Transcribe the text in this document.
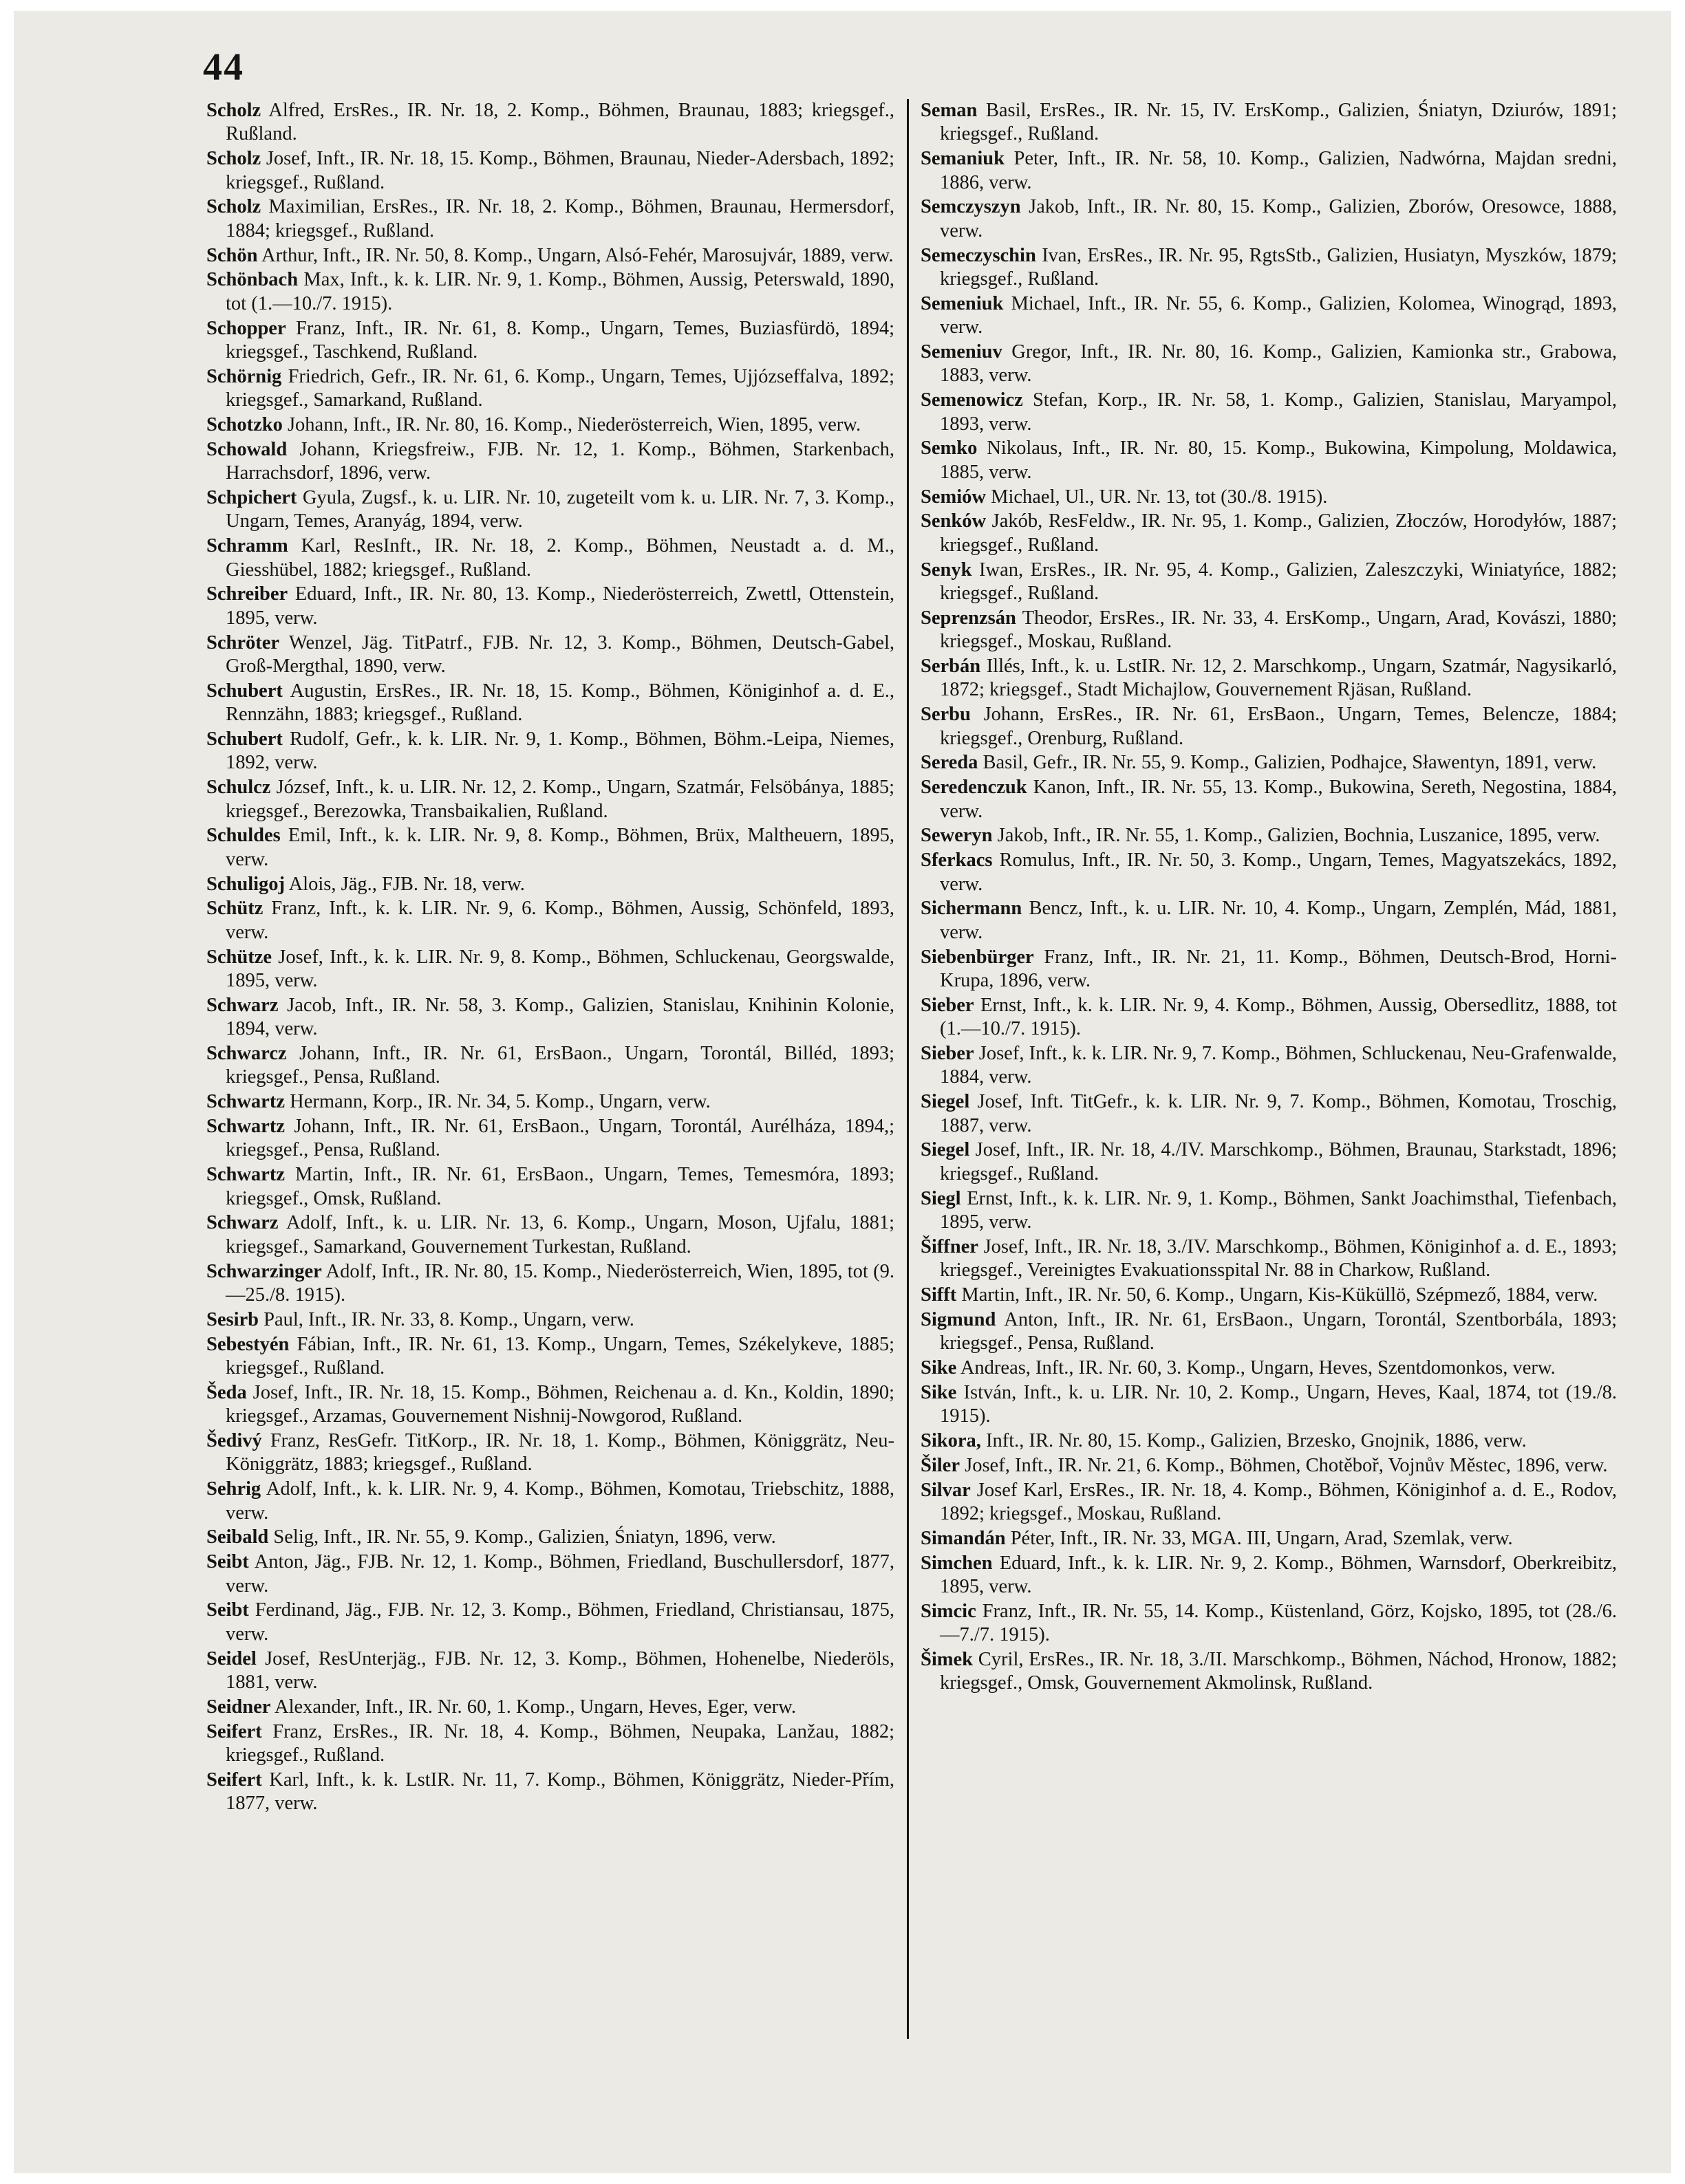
44

Scholz Alfred, ErsRes., IR. Nr. 18, 2. Komp., Böhmen, Braunau, 1883; kriegsgef., Rußland.

Scholz Josef, Inft., IR. Nr. 18, 15. Komp., Böhmen, Braunau, Nieder-Adersbach, 1892; kriegsgef., Rußland.

Scholz Maximilian, ErsRes., IR. Nr. 18, 2. Komp., Böhmen, Braunau, Hermersdorf, 1884; kriegsgef., Rußland.

Schön Arthur, Inft., IR. Nr. 50, 8. Komp., Ungarn, Alsó-Fehér, Marosujvár, 1889, verw.

Schönbach Max, Inft., k. k. LIR. Nr. 9, 1. Komp., Böhmen, Aussig, Peterswald, 1890, tot (1.—10./7. 1915).

Schopper Franz, Inft., IR. Nr. 61, 8. Komp., Ungarn, Temes, Buziasfürdö, 1894; kriegsgef., Taschkend, Rußland.

Schörnig Friedrich, Gefr., IR. Nr. 61, 6. Komp., Ungarn, Temes, Ujjózseffalva, 1892; kriegsgef., Samarkand, Rußland.

Schotzko Johann, Inft., IR. Nr. 80, 16. Komp., Niederösterreich, Wien, 1895, verw.

Schowald Johann, Kriegsfreiw., FJB. Nr. 12, 1. Komp., Böhmen, Starkenbach, Harrachsdorf, 1896, verw.

Schpichert Gyula, Zugsf., k. u. LIR. Nr. 10, zugeteilt vom k. u. LIR. Nr. 7, 3. Komp., Ungarn, Temes, Aranyág, 1894, verw.

Schramm Karl, ResInft., IR. Nr. 18, 2. Komp., Böhmen, Neustadt a. d. M., Giesshübel, 1882; kriegsgef., Rußland.

Schreiber Eduard, Inft., IR. Nr. 80, 13. Komp., Niederösterreich, Zwettl, Ottenstein, 1895, verw.

Schröter Wenzel, Jäg. TitPatrf., FJB. Nr. 12, 3. Komp., Böhmen, Deutsch-Gabel, Groß-Mergthal, 1890, verw.

Schubert Augustin, ErsRes., IR. Nr. 18, 15. Komp., Böhmen, Königinhof a. d. E., Rennzähn, 1883; kriegsgef., Rußland.

Schubert Rudolf, Gefr., k. k. LIR. Nr. 9, 1. Komp., Böhmen, Böhm.-Leipa, Niemes, 1892, verw.

Schulcz József, Inft., k. u. LIR. Nr. 12, 2. Komp., Ungarn, Szatmár, Felsöbánya, 1885; kriegsgef., Berezowka, Transbaikalien, Rußland.

Schuldes Emil, Inft., k. k. LIR. Nr. 9, 8. Komp., Böhmen, Brüx, Maltheuern, 1895, verw.

Schuligoj Alois, Jäg., FJB. Nr. 18, verw.

Schütz Franz, Inft., k. k. LIR. Nr. 9, 6. Komp., Böhmen, Aussig, Schönfeld, 1893, verw.

Schütze Josef, Inft., k. k. LIR. Nr. 9, 8. Komp., Böhmen, Schluckenau, Georgswalde, 1895, verw.

Schwarz Jacob, Inft., IR. Nr. 58, 3. Komp., Galizien, Stanislau, Knihinin Kolonie, 1894, verw.

Schwarcz Johann, Inft., IR. Nr. 61, ErsBaon., Ungarn, Torontál, Billéd, 1893; kriegsgef., Pensa, Rußland.

Schwartz Hermann, Korp., IR. Nr. 34, 5. Komp., Ungarn, verw.

Schwartz Johann, Inft., IR. Nr. 61, ErsBaon., Ungarn, Torontál, Aurélháza, 1894,; kriegsgef., Pensa, Rußland.

Schwartz Martin, Inft., IR. Nr. 61, ErsBaon., Ungarn, Temes, Temesmóra, 1893; kriegsgef., Omsk, Rußland.

Schwarz Adolf, Inft., k. u. LIR. Nr. 13, 6. Komp., Ungarn, Moson, Ujfalu, 1881; kriegsgef., Samarkand, Gouvernement Turkestan, Rußland.

Schwarzinger Adolf, Inft., IR. Nr. 80, 15. Komp., Niederösterreich, Wien, 1895, tot (9.—25./8. 1915).

Sesirb Paul, Inft., IR. Nr. 33, 8. Komp., Ungarn, verw.

Sebestyén Fábian, Inft., IR. Nr. 61, 13. Komp., Ungarn, Temes, Székelykeve, 1885; kriegsgef., Rußland.

Šeda Josef, Inft., IR. Nr. 18, 15. Komp., Böhmen, Reichenau a. d. Kn., Koldin, 1890; kriegsgef., Arzamas, Gouvernement Nishnij-Nowgorod, Rußland.

Šedivý Franz, ResGefr. TitKorp., IR. Nr. 18, 1. Komp., Böhmen, Königgrätz, Neu-Königgrätz, 1883; kriegsgef., Rußland.

Sehrig Adolf, Inft., k. k. LIR. Nr. 9, 4. Komp., Böhmen, Komotau, Triebschitz, 1888, verw.

Seibald Selig, Inft., IR. Nr. 55, 9. Komp., Galizien, Śniatyn, 1896, verw.

Seibt Anton, Jäg., FJB. Nr. 12, 1. Komp., Böhmen, Friedland, Buschullersdorf, 1877, verw.

Seibt Ferdinand, Jäg., FJB. Nr. 12, 3. Komp., Böhmen, Friedland, Christiansau, 1875, verw.

Seidel Josef, ResUnterjäg., FJB. Nr. 12, 3. Komp., Böhmen, Hohenelbe, Niederöls, 1881, verw.

Seidner Alexander, Inft., IR. Nr. 60, 1. Komp., Ungarn, Heves, Eger, verw.

Seifert Franz, ErsRes., IR. Nr. 18, 4. Komp., Böhmen, Neupaka, Lanžau, 1882; kriegsgef., Rußland.

Seifert Karl, Inft., k. k. LstIR. Nr. 11, 7. Komp., Böhmen, Königgrätz, Nieder-Přím, 1877, verw.

Seman Basil, ErsRes., IR. Nr. 15, IV. ErsKomp., Galizien, Śniatyn, Dziurów, 1891; kriegsgef., Rußland.

Semaniuk Peter, Inft., IR. Nr. 58, 10. Komp., Galizien, Nadwórna, Majdan sredni, 1886, verw.

Semczyszyn Jakob, Inft., IR. Nr. 80, 15. Komp., Galizien, Zborów, Oresowce, 1888, verw.

Semeczyschin Ivan, ErsRes., IR. Nr. 95, RgtsStb., Galizien, Husiatyn, Myszków, 1879; kriegsgef., Rußland.

Semeniuk Michael, Inft., IR. Nr. 55, 6. Komp., Galizien, Kolomea, Winogrąd, 1893, verw.

Semeniuv Gregor, Inft., IR. Nr. 80, 16. Komp., Galizien, Kamionka str., Grabowa, 1883, verw.

Semenowicz Stefan, Korp., IR. Nr. 58, 1. Komp., Galizien, Stanislau, Maryampol, 1893, verw.

Semko Nikolaus, Inft., IR. Nr. 80, 15. Komp., Bukowina, Kimpolung, Moldawica, 1885, verw.

Semiów Michael, Ul., UR. Nr. 13, tot (30./8. 1915).

Senków Jakób, ResFeldw., IR. Nr. 95, 1. Komp., Galizien, Złoczów, Horodyłów, 1887; kriegsgef., Rußland.

Senyk Iwan, ErsRes., IR. Nr. 95, 4. Komp., Galizien, Zaleszczyki, Winiatyńce, 1882; kriegsgef., Rußland.

Seprenzsán Theodor, ErsRes., IR. Nr. 33, 4. ErsKomp., Ungarn, Arad, Kovászi, 1880; kriegsgef., Moskau, Rußland.

Serbán Illés, Inft., k. u. LstIR. Nr. 12, 2. Marschkomp., Ungarn, Szatmár, Nagysikarló, 1872; kriegsgef., Stadt Michajlow, Gouvernement Rjäsan, Rußland.

Serbu Johann, ErsRes., IR. Nr. 61, ErsBaon., Ungarn, Temes, Belencze, 1884; kriegsgef., Orenburg, Rußland.

Sereda Basil, Gefr., IR. Nr. 55, 9. Komp., Galizien, Podhajce, Sławentyn, 1891, verw.

Seredenczuk Kanon, Inft., IR. Nr. 55, 13. Komp., Bukowina, Sereth, Negostina, 1884, verw.

Seweryn Jakob, Inft., IR. Nr. 55, 1. Komp., Galizien, Bochnia, Luszanice, 1895, verw.

Sferkacs Romulus, Inft., IR. Nr. 50, 3. Komp., Ungarn, Temes, Magyatszekács, 1892, verw.

Sichermann Bencz, Inft., k. u. LIR. Nr. 10, 4. Komp., Ungarn, Zemplén, Mád, 1881, verw.

Siebenbürger Franz, Inft., IR. Nr. 21, 11. Komp., Böhmen, Deutsch-Brod, Horni-Krupa, 1896, verw.

Sieber Ernst, Inft., k. k. LIR. Nr. 9, 4. Komp., Böhmen, Aussig, Obersedlitz, 1888, tot (1.—10./7. 1915).

Sieber Josef, Inft., k. k. LIR. Nr. 9, 7. Komp., Böhmen, Schluckenau, Neu-Grafenwalde, 1884, verw.

Siegel Josef, Inft. TitGefr., k. k. LIR. Nr. 9, 7. Komp., Böhmen, Komotau, Troschig, 1887, verw.

Siegel Josef, Inft., IR. Nr. 18, 4./IV. Marschkomp., Böhmen, Braunau, Starkstadt, 1896; kriegsgef., Rußland.

Siegl Ernst, Inft., k. k. LIR. Nr. 9, 1. Komp., Böhmen, Sankt Joachimsthal, Tiefenbach, 1895, verw.

Šiffner Josef, Inft., IR. Nr. 18, 3./IV. Marschkomp., Böhmen, Königinhof a. d. E., 1893; kriegsgef., Vereinigtes Evakuationsspital Nr. 88 in Charkow, Rußland.

Sifft Martin, Inft., IR. Nr. 50, 6. Komp., Ungarn, Kis-Küküllö, Szépmező, 1884, verw.

Sigmund Anton, Inft., IR. Nr. 61, ErsBaon., Ungarn, Torontál, Szentborbála, 1893; kriegsgef., Pensa, Rußland.

Sike Andreas, Inft., IR. Nr. 60, 3. Komp., Ungarn, Heves, Szentdomonkos, verw.

Sike István, Inft., k. u. LIR. Nr. 10, 2. Komp., Ungarn, Heves, Kaal, 1874, tot (19./8. 1915).

Sikora, Inft., IR. Nr. 80, 15. Komp., Galizien, Brzesko, Gnojnik, 1886, verw.

Šiler Josef, Inft., IR. Nr. 21, 6. Komp., Böhmen, Chotěboř, Vojnův Městec, 1896, verw.

Silvar Josef Karl, ErsRes., IR. Nr. 18, 4. Komp., Böhmen, Königinhof a. d. E., Rodov, 1892; kriegsgef., Moskau, Rußland.

Simandán Péter, Inft., IR. Nr. 33, MGA. III, Ungarn, Arad, Szemlak, verw.

Simchen Eduard, Inft., k. k. LIR. Nr. 9, 2. Komp., Böhmen, Warnsdorf, Oberkreibitz, 1895, verw.

Simcic Franz, Inft., IR. Nr. 55, 14. Komp., Küstenland, Görz, Kojsko, 1895, tot (28./6. —7./7. 1915).

Šimek Cyril, ErsRes., IR. Nr. 18, 3./II. Marschkomp., Böhmen, Náchod, Hronow, 1882; kriegsgef., Omsk, Gouvernement Akmolinsk, Rußland.
